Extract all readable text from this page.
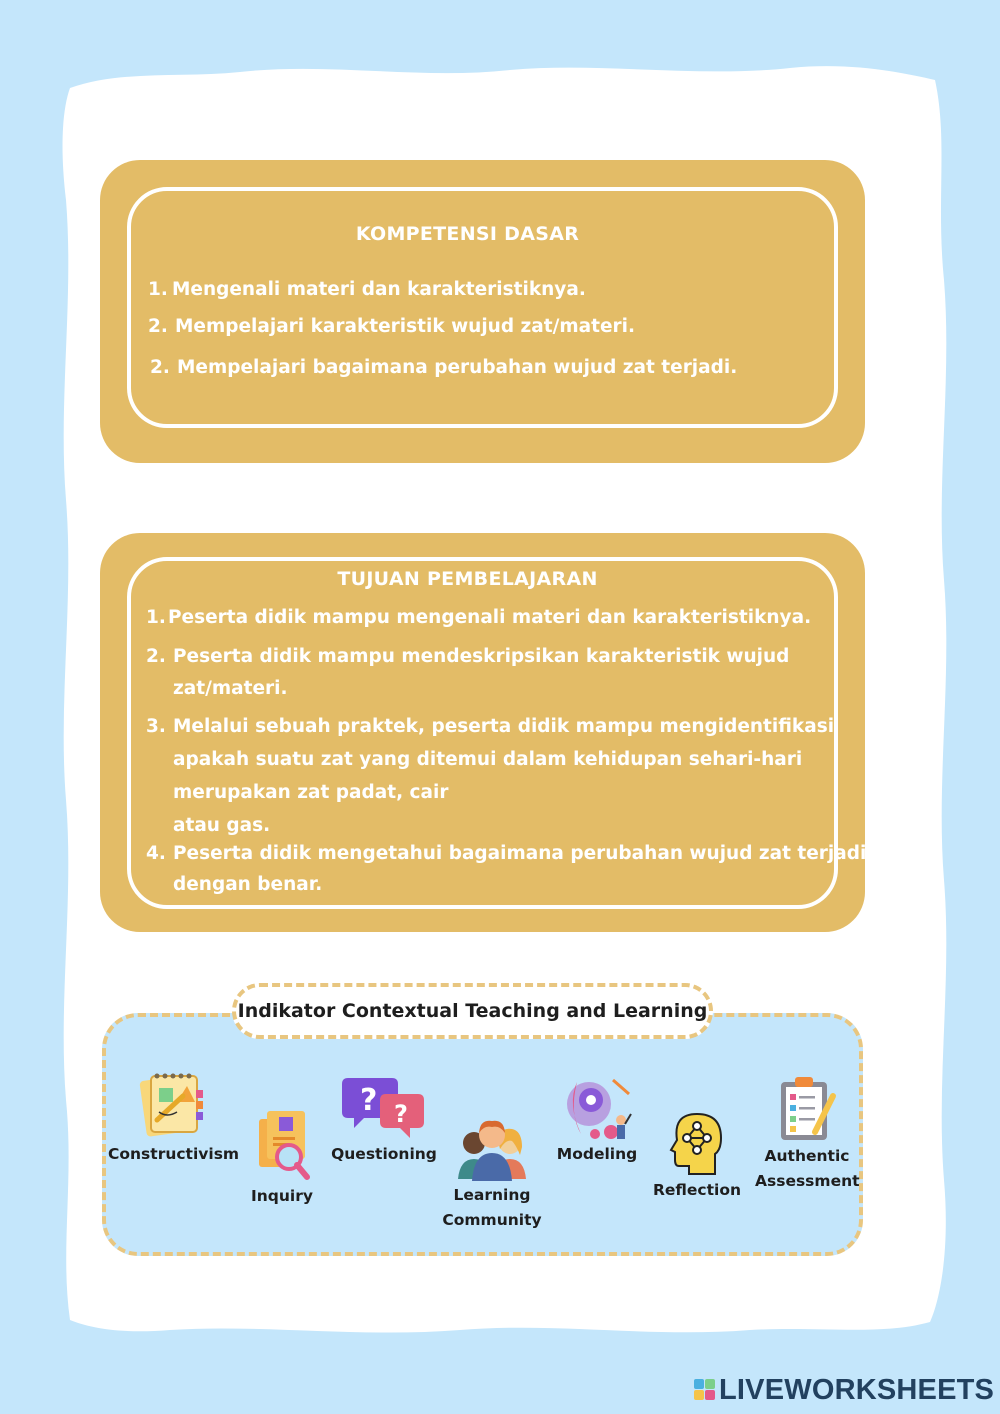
KOMPETENSI DASAR
1. Mengenali materi dan karakteristiknya.
2. Mempelajari karakteristik wujud zat/materi.
2. Mempelajari bagaimana perubahan wujud zat terjadi.
TUJUAN PEMBELAJARAN
1. Peserta didik mampu mengenali materi dan karakteristiknya.
2. Peserta didik mampu mendeskripsikan karakteristik wujud
zat/materi.
3. Melalui sebuah praktek, peserta didik mampu mengidentifikasi
apakah suatu zat yang ditemui dalam kehidupan sehari-hari
merupakan zat padat, cair
atau gas.
4. Peserta didik mengetahui bagaimana perubahan wujud zat terjadi
dengan benar.
Indikator Contextual Teaching and Learning
Constructivism
Inquiry
? ?
Questioning
Learning Community
Modeling
Reflection
Authentic Assessment
LIVEWORKSHEETS
